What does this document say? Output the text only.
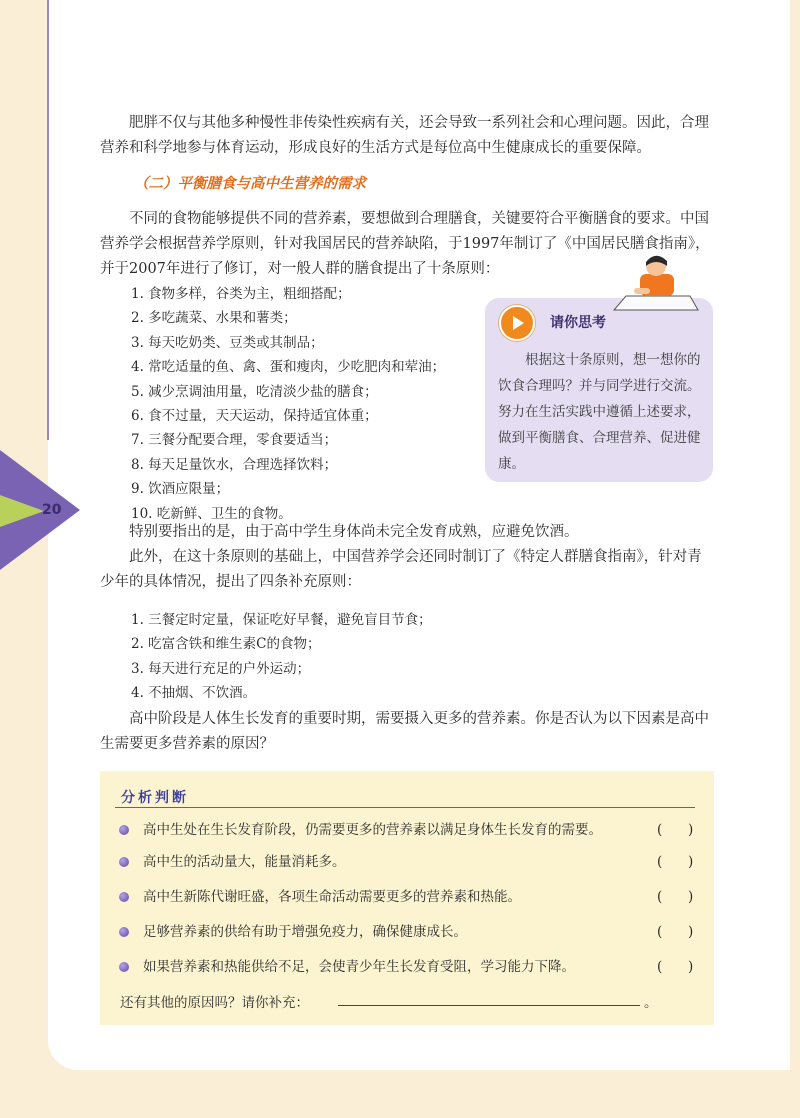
20
肥胖不仅与其他多种慢性非传染性疾病有关，还会导致一系列社会和心理问题。因此，合理营养和科学地参与体育运动，形成良好的生活方式是每位高中生健康成长的重要保障。
（二）平衡膳食与高中生营养的需求
不同的食物能够提供不同的营养素，要想做到合理膳食，关键要符合平衡膳食的要求。中国营养学会根据营养学原则，针对我国居民的营养缺陷，于1997年制订了《中国居民膳食指南》，并于2007年进行了修订，对一般人群的膳食提出了十条原则：
1. 食物多样，谷类为主，粗细搭配；
2. 多吃蔬菜、水果和薯类；
3. 每天吃奶类、豆类或其制品；
4. 常吃适量的鱼、禽、蛋和瘦肉，少吃肥肉和荤油；
5. 减少烹调油用量，吃清淡少盐的膳食；
6. 食不过量，天天运动，保持适宜体重；
7. 三餐分配要合理，零食要适当；
8. 每天足量饮水，合理选择饮料；
9. 饮酒应限量；
10. 吃新鲜、卫生的食物。
请你思考
根据这十条原则，想一想你的饮食合理吗？并与同学进行交流。努力在生活实践中遵循上述要求，做到平衡膳食、合理营养、促进健康。
特别要指出的是，由于高中学生身体尚未完全发育成熟，应避免饮酒。
此外，在这十条原则的基础上，中国营养学会还同时制订了《特定人群膳食指南》，针对青少年的具体情况，提出了四条补充原则：
1. 三餐定时定量，保证吃好早餐，避免盲目节食；
2. 吃富含铁和维生素C的食物；
3. 每天进行充足的户外运动；
4. 不抽烟、不饮酒。
高中阶段是人体生长发育的重要时期，需要摄入更多的营养素。你是否认为以下因素是高中生需要更多营养素的原因？
分析判断
高中生处在生长发育阶段，仍需要更多的营养素以满足身体生长发育的需要。	(      )
高中生的活动量大，能量消耗多。	(      )
高中生新陈代谢旺盛，各项生命活动需要更多的营养素和热能。	(      )
足够营养素的供给有助于增强免疫力，确保健康成长。	(      )
如果营养素和热能供给不足，会使青少年生长发育受阻，学习能力下降。	(      )
还有其他的原因吗？请你补充：	。
